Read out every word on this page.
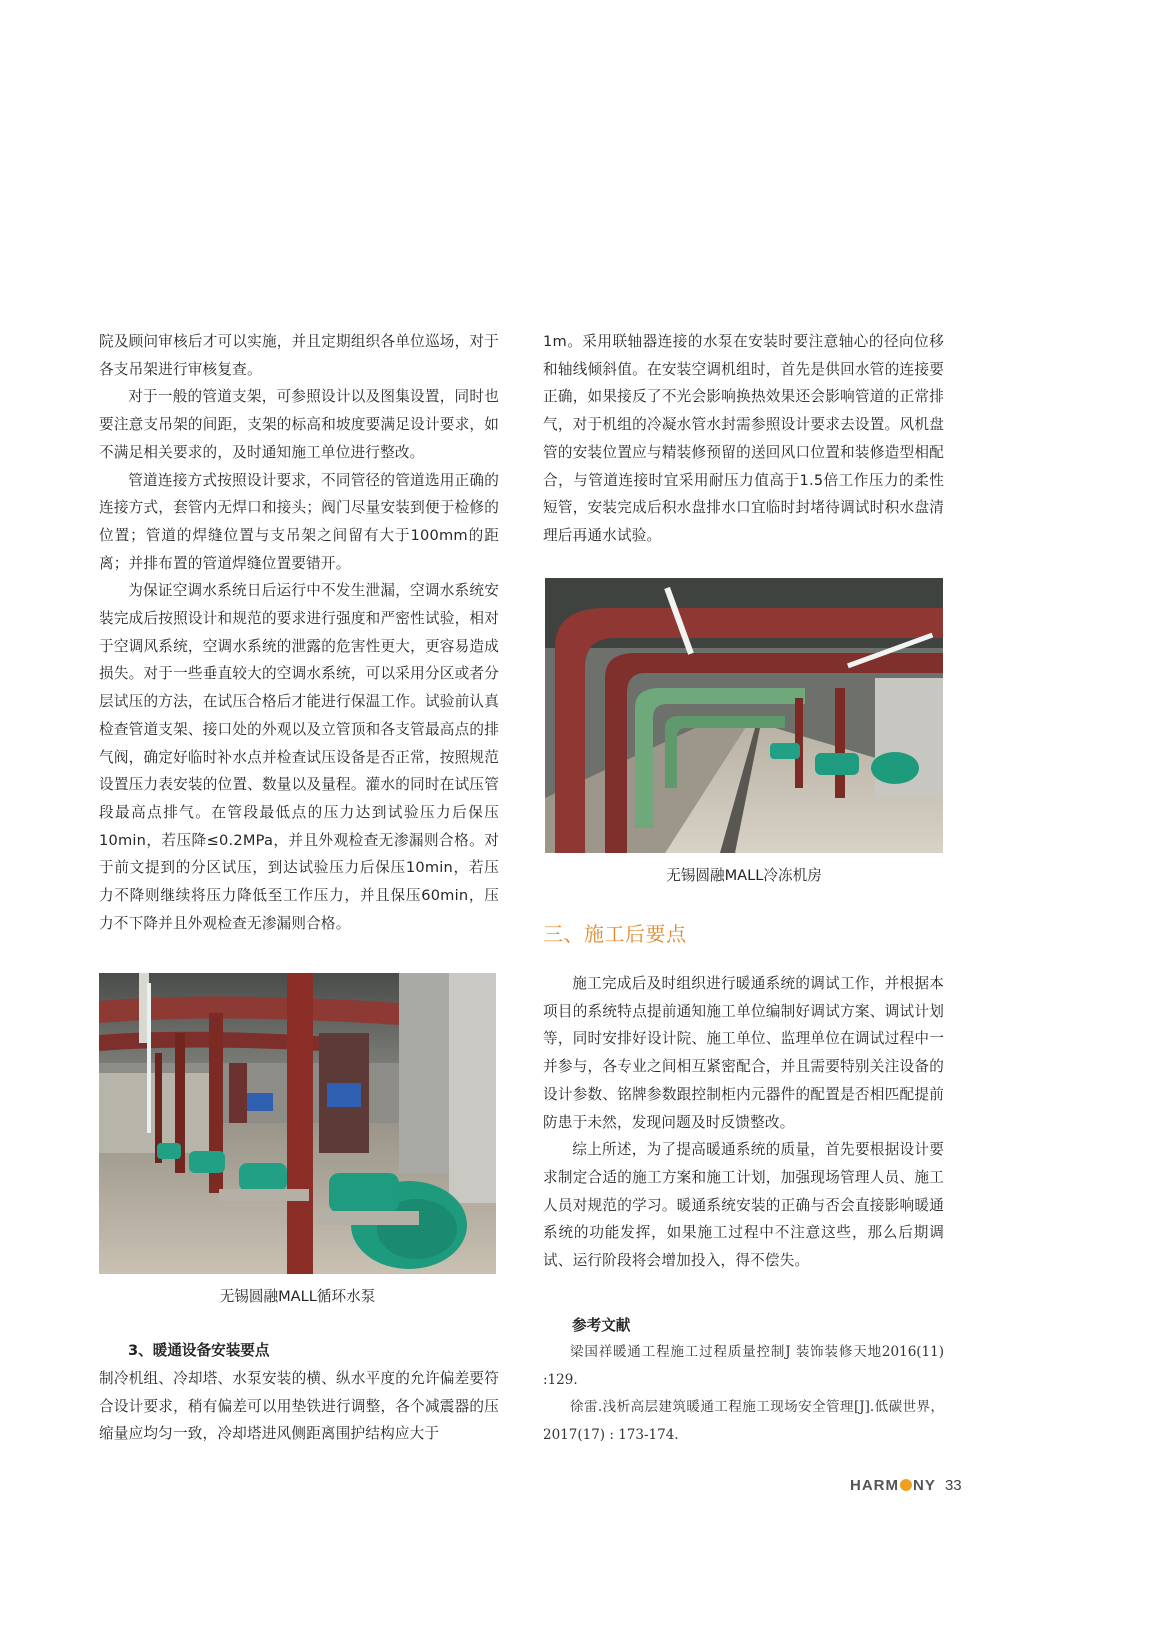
院及顾问审核后才可以实施，并且定期组织各单位巡场，对于各支吊架进行审核复查。

对于一般的管道支架，可参照设计以及图集设置，同时也要注意支吊架的间距，支架的标高和坡度要满足设计要求，如不满足相关要求的，及时通知施工单位进行整改。

管道连接方式按照设计要求，不同管径的管道选用正确的连接方式，套管内无焊口和接头；阀门尽量安装到便于检修的位置；管道的焊缝位置与支吊架之间留有大于100mm的距离；并排布置的管道焊缝位置要错开。

为保证空调水系统日后运行中不发生泄漏，空调水系统安装完成后按照设计和规范的要求进行强度和严密性试验，相对于空调风系统，空调水系统的泄露的危害性更大，更容易造成损失。对于一些垂直较大的空调水系统，可以采用分区或者分层试压的方法，在试压合格后才能进行保温工作。试验前认真检查管道支架、接口处的外观以及立管顶和各支管最高点的排气阀，确定好临时补水点并检查试压设备是否正常，按照规范设置压力表安装的位置、数量以及量程。灌水的同时在试压管段最高点排气。在管段最低点的压力达到试验压力后保压10min，若压降≤0.2MPa，并且外观检查无渗漏则合格。对于前文提到的分区试压，到达试验压力后保压10min，若压力不降则继续将压力降低至工作压力，并且保压60min，压力不下降并且外观检查无渗漏则合格。

无锡圆融MALL循环水泵

3、暖通设备安装要点

制冷机组、冷却塔、水泵安装的横、纵水平度的允许偏差要符合设计要求，稍有偏差可以用垫铁进行调整，各个减震器的压缩量应均匀一致，冷却塔进风侧距离围护结构应大于

1m。采用联轴器连接的水泵在安装时要注意轴心的径向位移和轴线倾斜值。在安装空调机组时，首先是供回水管的连接要正确，如果接反了不光会影响换热效果还会影响管道的正常排气，对于机组的冷凝水管水封需参照设计要求去设置。风机盘管的安装位置应与精装修预留的送回风口位置和装修造型相配合，与管道连接时宜采用耐压力值高于1.5倍工作压力的柔性短管，安装完成后积水盘排水口宜临时封堵待调试时积水盘清理后再通水试验。

无锡圆融MALL冷冻机房

三、施工后要点

施工完成后及时组织进行暖通系统的调试工作，并根据本项目的系统特点提前通知施工单位编制好调试方案、调试计划等，同时安排好设计院、施工单位、监理单位在调试过程中一并参与，各专业之间相互紧密配合，并且需要特别关注设备的设计参数、铭牌参数跟控制柜内元器件的配置是否相匹配提前防患于未然，发现问题及时反馈整改。

综上所述，为了提高暖通系统的质量，首先要根据设计要求制定合适的施工方案和施工计划，加强现场管理人员、施工人员对规范的学习。暖通系统安装的正确与否会直接影响暖通系统的功能发挥，如果施工过程中不注意这些，那么后期调试、运行阶段将会增加投入，得不偿失。

参考文献

梁国祥暖通工程施工过程质量控制J 装饰装修天地2016(11) :129.

徐雷.浅析高层建筑暖通工程施工现场安全管理[J].低碳世界，2017(17) : 173-174.

HARM NY 33
